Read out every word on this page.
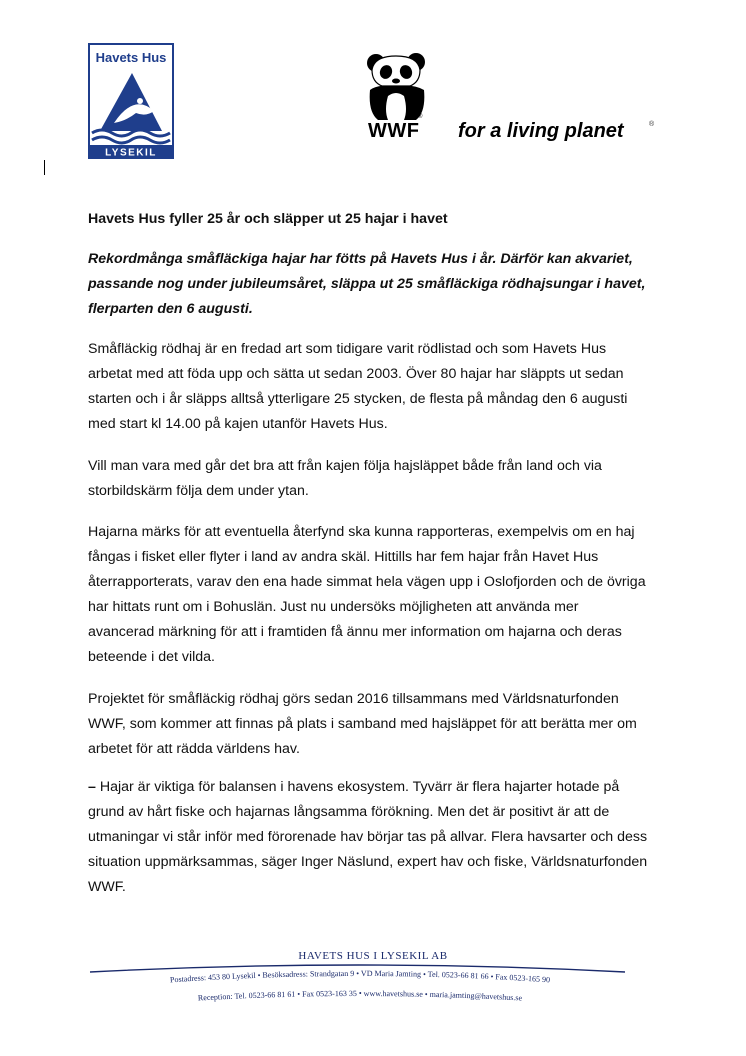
Havets Hus
LYSEKIL
WWF
®
for a living planet	®
Havets Hus fyller 25 år och släpper ut 25 hajar i havet
Rekordmånga småfläckiga hajar har fötts på Havets Hus i år. Därför kan akvariet, passande nog under jubileumsåret, släppa ut 25 småfläckiga rödhajsungar i havet, flerparten den 6 augusti.

Småfläckig rödhaj är en fredad art som tidigare varit rödlistad och som Havets Hus arbetat med att föda upp och sätta ut sedan 2003. Över 80 hajar har släppts ut sedan starten och i år släpps alltså ytterligare 25 stycken, de flesta på måndag den 6 augusti med start kl 14.00 på kajen utanför Havets Hus.

Vill man vara med går det bra att från kajen följa hajsläppet både från land och via storbildskärm följa dem under ytan.

Hajarna märks för att eventuella återfynd ska kunna rapporteras, exempelvis om en haj fångas i fisket eller flyter i land av andra skäl. Hittills har fem hajar från Havet Hus återrapporterats, varav den ena hade simmat hela vägen upp i Oslofjorden och de övriga har hittats runt om i Bohuslän. Just nu undersöks möjligheten att använda mer avancerad märkning för att i framtiden få ännu mer information om hajarna och deras beteende i det vilda.

Projektet för småfläckig rödhaj görs sedan 2016 tillsammans med Världsnaturfonden WWF, som kommer att finnas på plats i samband med hajsläppet för att berätta mer om arbetet för att rädda världens hav.

– Hajar är viktiga för balansen i havens ekosystem. Tyvärr är flera hajarter hotade på grund av hårt fiske och hajarnas långsamma förökning. Men det är positivt är att de utmaningar vi står inför med förorenade hav börjar tas på allvar. Flera havsarter och dess situation uppmärksammas, säger Inger Näslund, expert hav och fiske, Världsnaturfonden WWF.

HAVETS HUS I LYSEKIL AB
Postadress: 453 80 Lysekil • Besöksadress: Strandgatan 9 • VD Maria Jamting • Tel. 0523-66 81 66 • Fax 0523-165 90
Reception: Tel. 0523-66 81 61 • Fax 0523-163 35 • www.havetshus.se • maria.jamting@havetshus.se
